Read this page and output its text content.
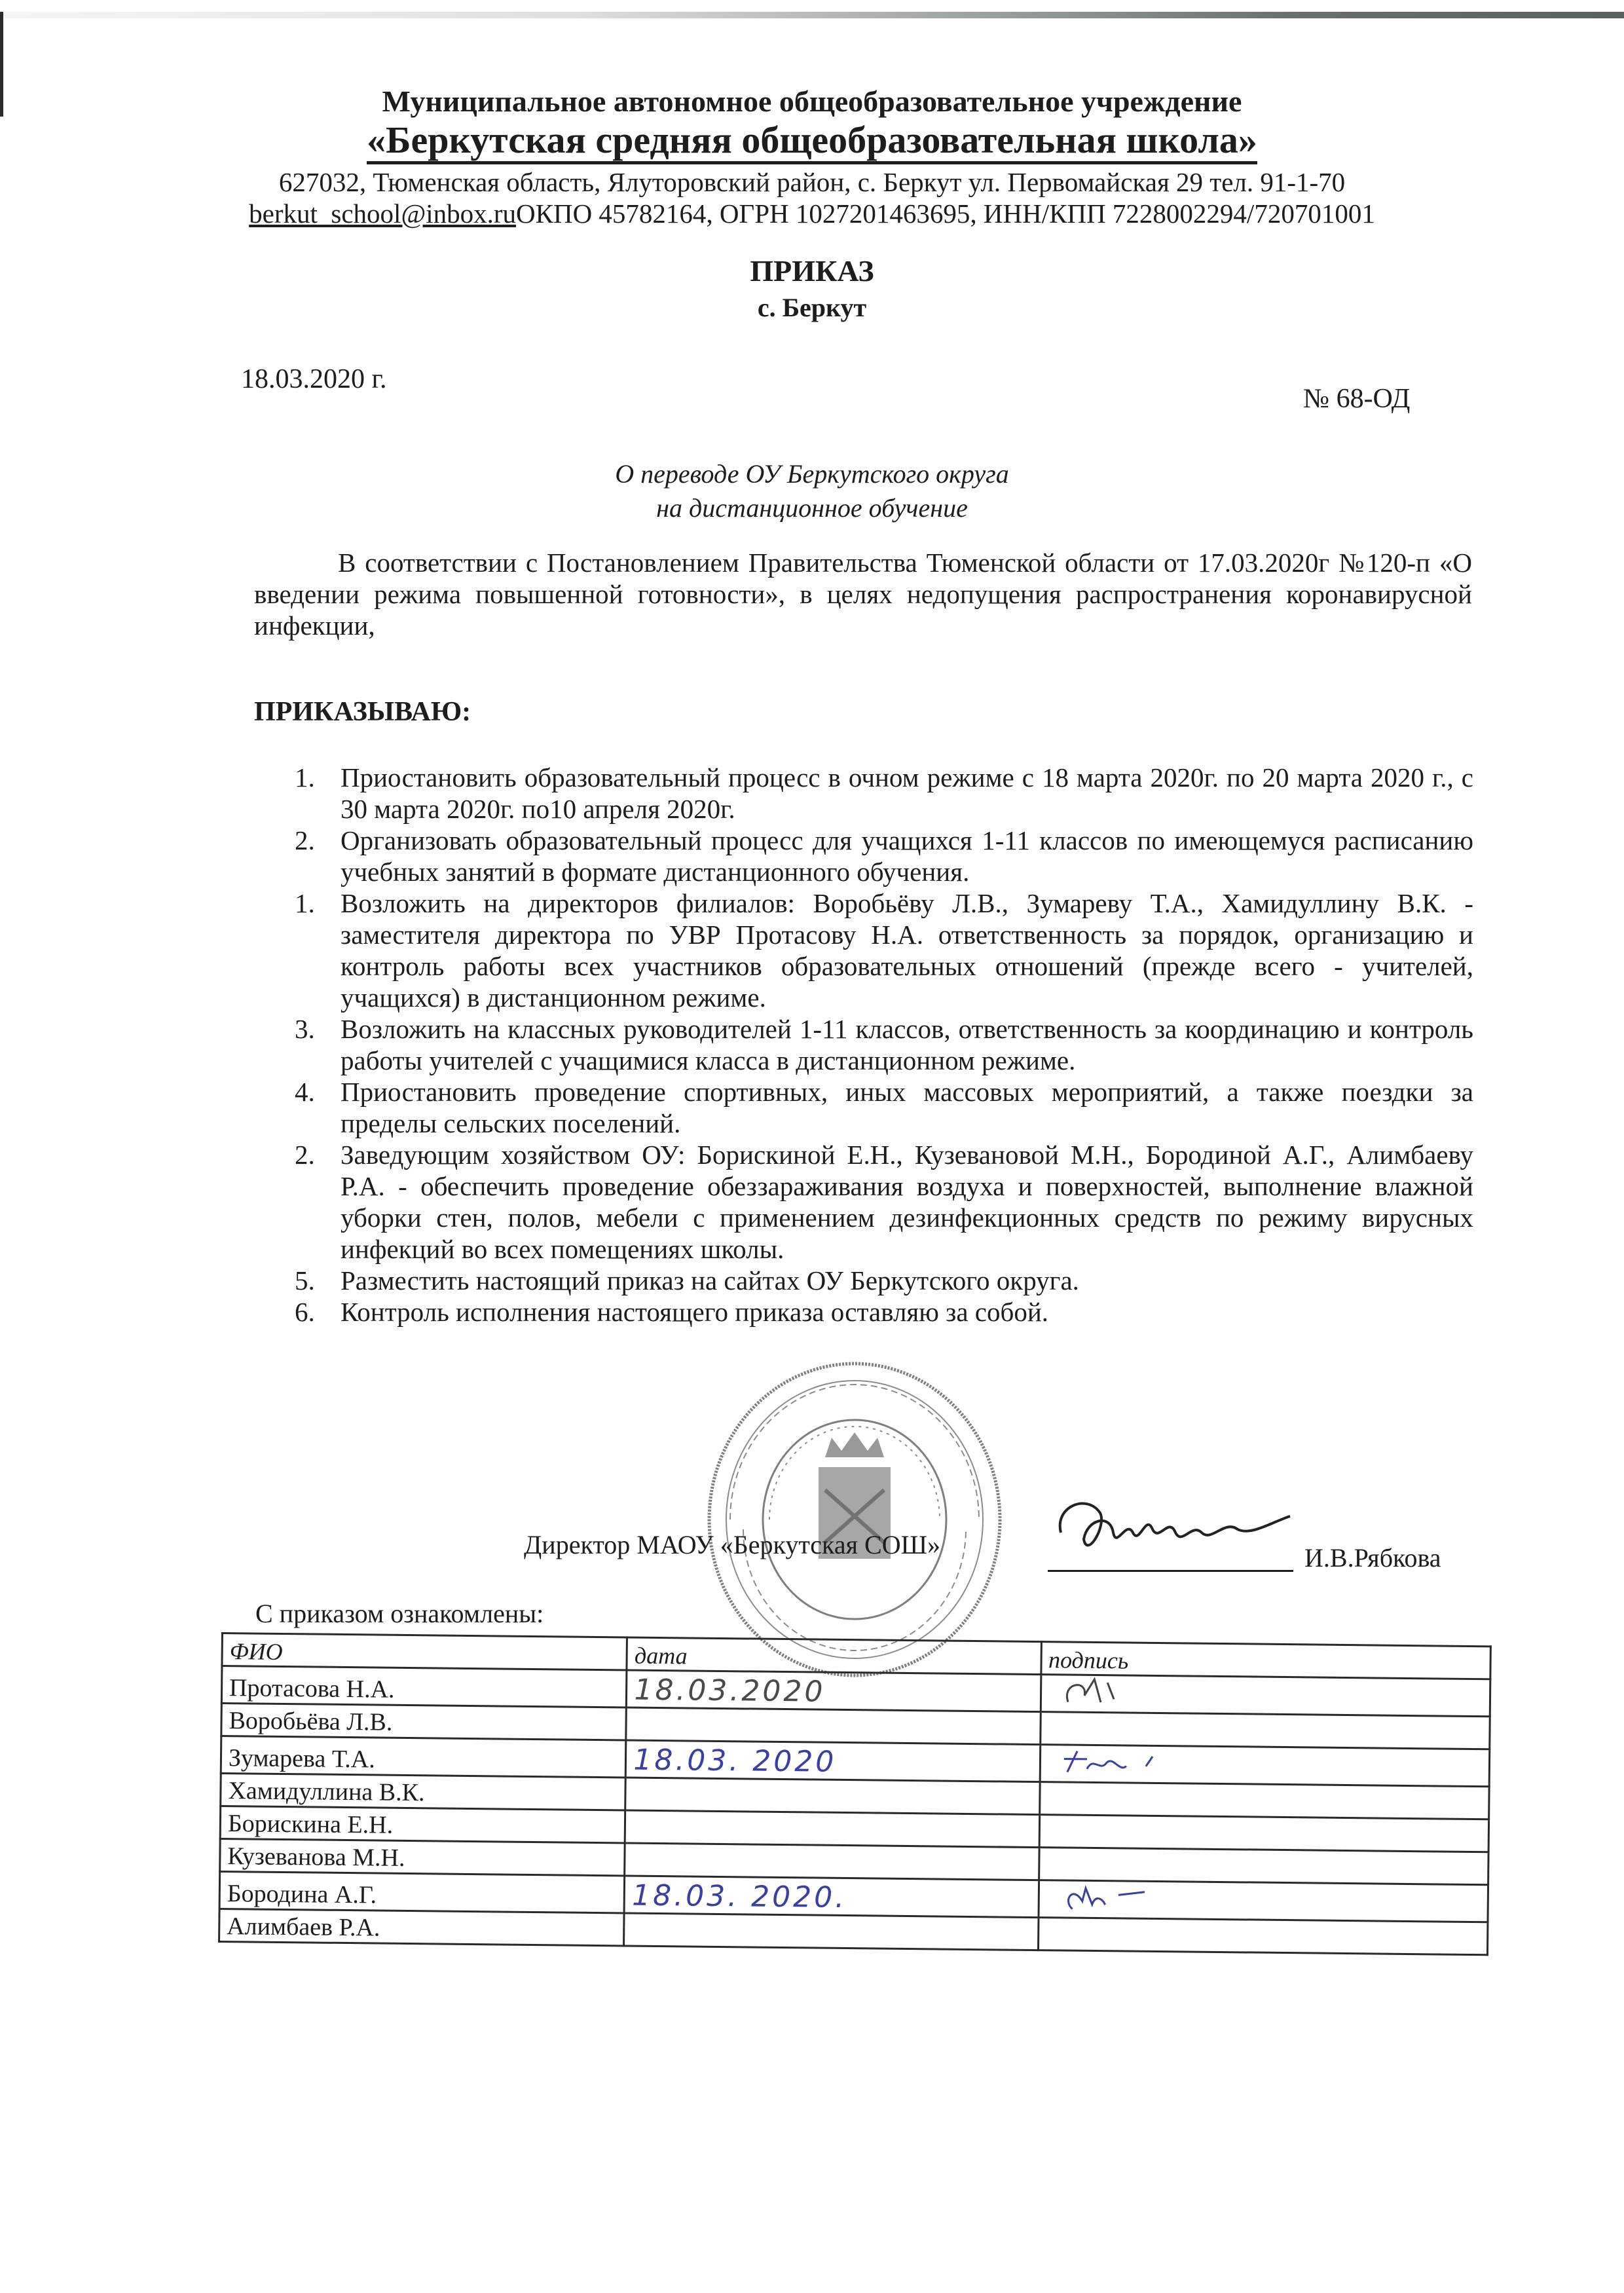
Муниципальное автономное общеобразовательное учреждение
«Беркутская средняя общеобразовательная школа»
627032, Тюменская область, Ялуторовский район, с. Беркут ул. Первомайская 29 тел. 91-1-70
berkut_school@inbox.ruОКПО 45782164, ОГРН 1027201463695, ИНН/КПП 7228002294/720701001
ПРИКАЗ
с. Беркут
18.03.2020 г.
№ 68-ОД
О переводе ОУ Беркутского округа
на дистанционное обучение
В соответствии с Постановлением Правительства Тюменской области от 17.03.2020г №120-п «О введении режима повышенной готовности», в целях недопущения распространения коронавирусной инфекции,
ПРИКАЗЫВАЮ:

1. Приостановить образовательный процесс в очном режиме с 18 марта 2020г. по 20 марта 2020 г., с 30 марта 2020г. по10 апреля 2020г.

2. Организовать образовательный процесс для учащихся 1-11 классов по имеющемуся расписанию учебных занятий в формате дистанционного обучения.

1. Возложить на директоров филиалов: Воробьёву Л.В., Зумареву Т.А., Хамидуллину В.К. - заместителя директора по УВР Протасову Н.А. ответственность за порядок, организацию и контроль работы всех участников образовательных отношений (прежде всего - учителей, учащихся) в дистанционном режиме.

3. Возложить на классных руководителей 1-11 классов, ответственность за координацию и контроль работы учителей с учащимися класса в дистанционном режиме.

4. Приостановить проведение спортивных, иных массовых мероприятий, а также поездки за пределы сельских поселений.

2. Заведующим хозяйством ОУ: Борискиной Е.Н., Кузевановой М.Н., Бородиной А.Г., Алимбаеву Р.А. - обеспечить проведение обеззараживания воздуха и поверхностей, выполнение влажной уборки стен, полов, мебели с применением дезинфекционных средств по режиму вирусных инфекций во всех помещениях школы.

5. Разместить настоящий приказ на сайтах ОУ Беркутского округа.

6. Контроль исполнения настоящего приказа оставляю за собой.

Директор МАОУ «Беркутская СОШ»	И.В.Рябкова
С приказом ознакомлены:
ФИО	дата	подпись
Протасова Н.А.	18.03.2020	
Воробьёва Л.В.		
Зумарева Т.А.	18.03. 2020	
Хамидуллина В.К.		
Борискина Е.Н.		
Кузеванова М.Н.		
Бородина А.Г.	18.03. 2020.	
Алимбаев Р.А.		
